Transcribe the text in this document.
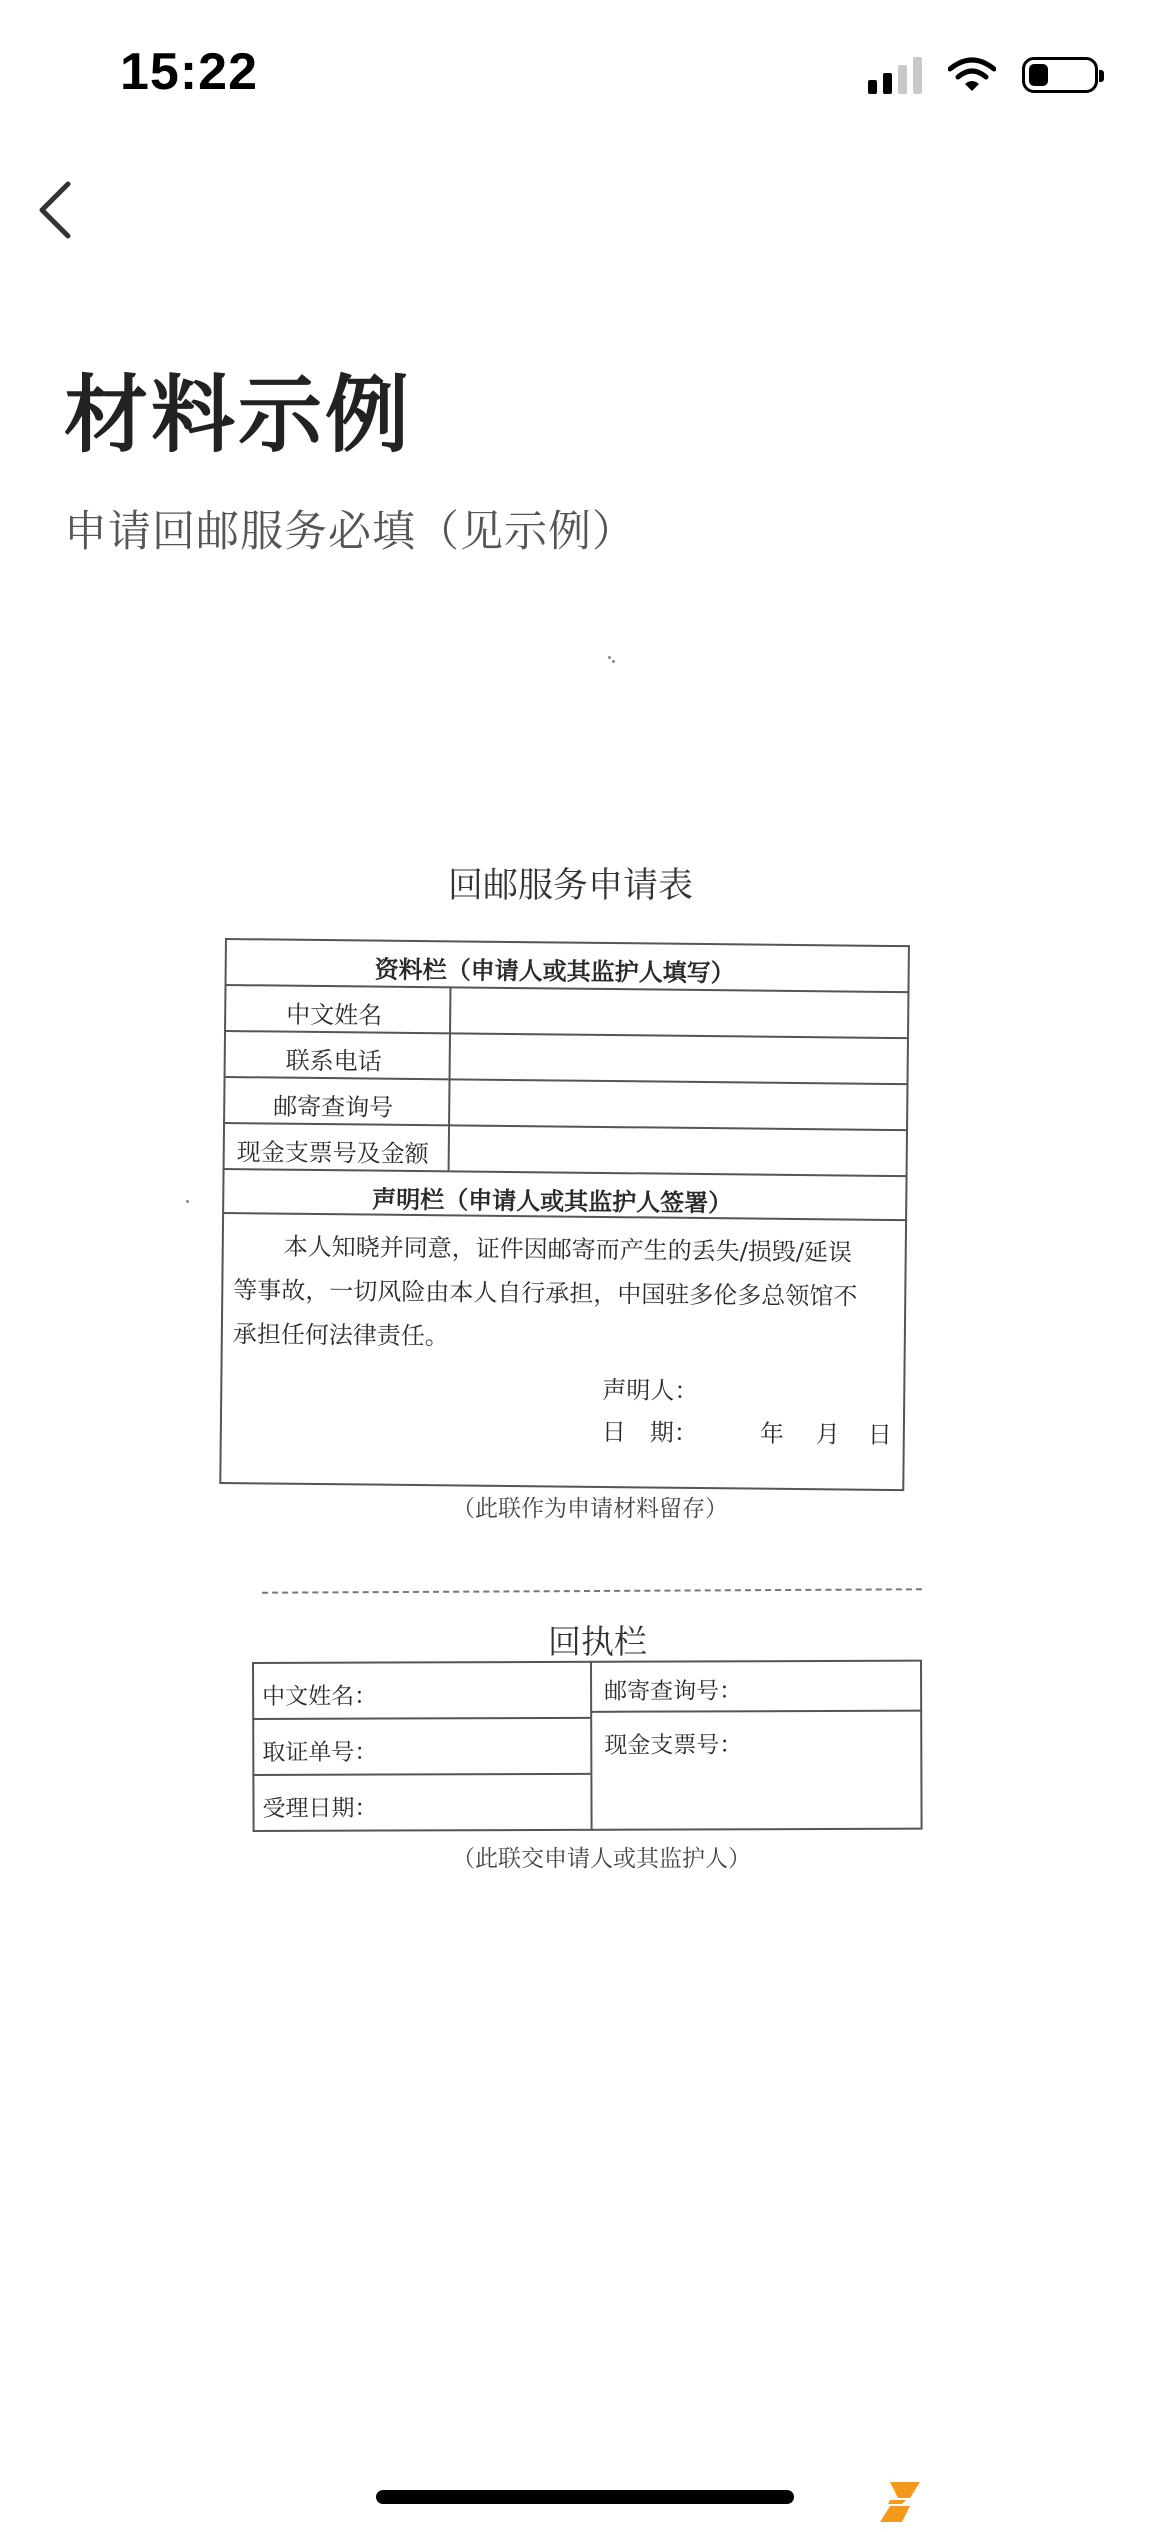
15:22
材料示例
申请回邮服务必填（见示例）
回邮服务申请表
资料栏（申请人或其监护人填写）
中文姓名
联系电话
邮寄查询号
现金支票号及金额
声明栏（申请人或其监护人签署）
本人知晓并同意，证件因邮寄而产生的丢失/损毁/延误
等事故，一切风险由本人自行承担，中国驻多伦多总领馆不
承担任何法律责任。
声明人：
日　期：	年 月 日
（此联作为申请材料留存）
回执栏
中文姓名：
取证单号：
受理日期：
邮寄查询号：
现金支票号：
（此联交申请人或其监护人）
